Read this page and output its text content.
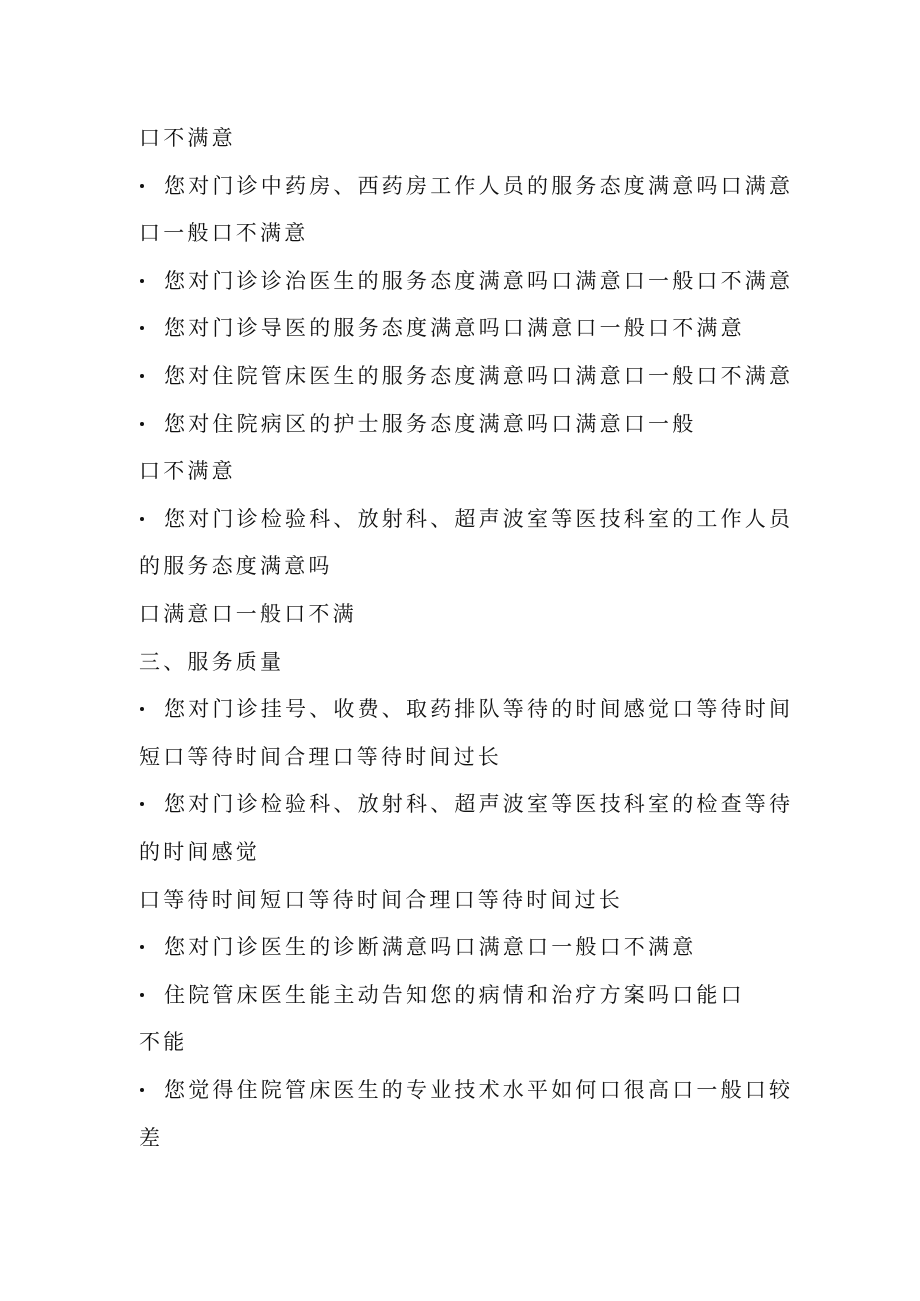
口不满意
您对门诊中药房、西药房工作人员的服务态度满意吗口满意
口一般口不满意
您对门诊诊治医生的服务态度满意吗口满意口一般口不满意
您对门诊导医的服务态度满意吗口满意口一般口不满意
您对住院管床医生的服务态度满意吗口满意口一般口不满意
您对住院病区的护士服务态度满意吗口满意口一般
口不满意
您对门诊检验科、放射科、超声波室等医技科室的工作人员
的服务态度满意吗
口满意口一般口不满
三、服务质量
您对门诊挂号、收费、取药排队等待的时间感觉口等待时间
短口等待时间合理口等待时间过长
您对门诊检验科、放射科、超声波室等医技科室的检查等待
的时间感觉
口等待时间短口等待时间合理口等待时间过长
您对门诊医生的诊断满意吗口满意口一般口不满意
住院管床医生能主动告知您的病情和治疗方案吗口能口
不能
您觉得住院管床医生的专业技术水平如何口很高口一般口较
差
